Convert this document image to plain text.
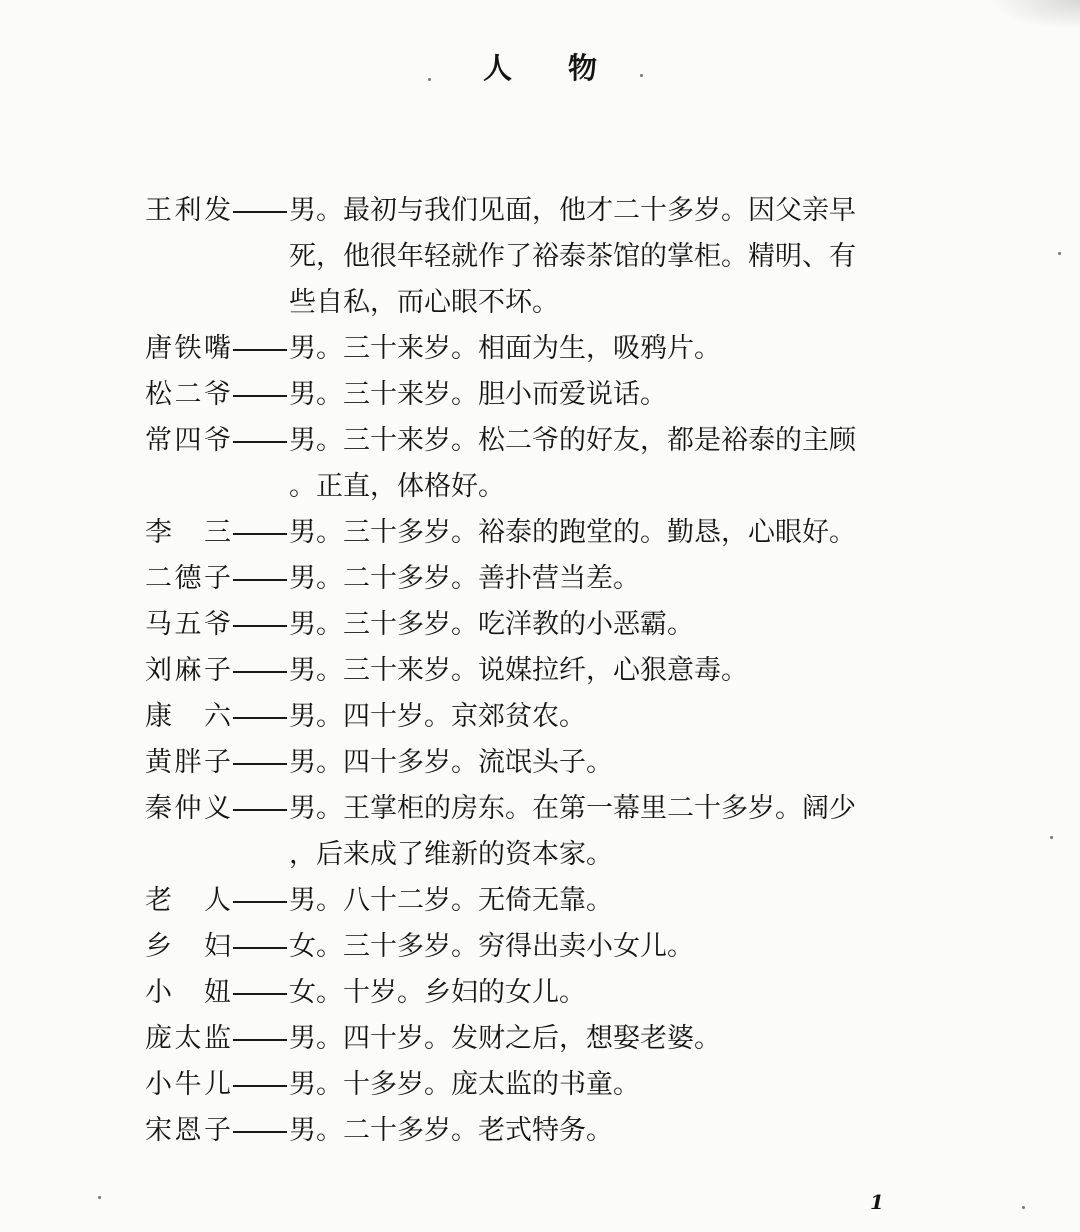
人 物
王 利 发 男。最初与我们见面，他才二十多岁。因父亲早死，他很年轻就作了裕泰茶馆的掌柜。精明、有些自私，而心眼不坏。
唐 铁 嘴 男。三十来岁。相面为生，吸鸦片。
松 二 爷 男。三十来岁。胆小而爱说话。
常 四 爷 男。三十来岁。松二爷的好友，都是裕泰的主顾。正直，体格好。
李 三 男。三十多岁。裕泰的跑堂的。勤恳，心眼好。
二 德 子 男。二十多岁。善扑营当差。
马 五 爷 男。三十多岁。吃洋教的小恶霸。
刘 麻 子 男。三十来岁。说媒拉纤，心狠意毒。
康 六 男。四十岁。京郊贫农。
黄 胖 子 男。四十多岁。流氓头子。
秦 仲 义 男。王掌柜的房东。在第一幕里二十多岁。阔少，后来成了维新的资本家。
老 人 男。八十二岁。无倚无靠。
乡 妇 女。三十多岁。穷得出卖小女儿。
小 妞 女。十岁。乡妇的女儿。
庞 太 监 男。四十岁。发财之后，想娶老婆。
小 牛 儿 男。十多岁。庞太监的书童。
宋 恩 子 男。二十多岁。老式特务。
1
